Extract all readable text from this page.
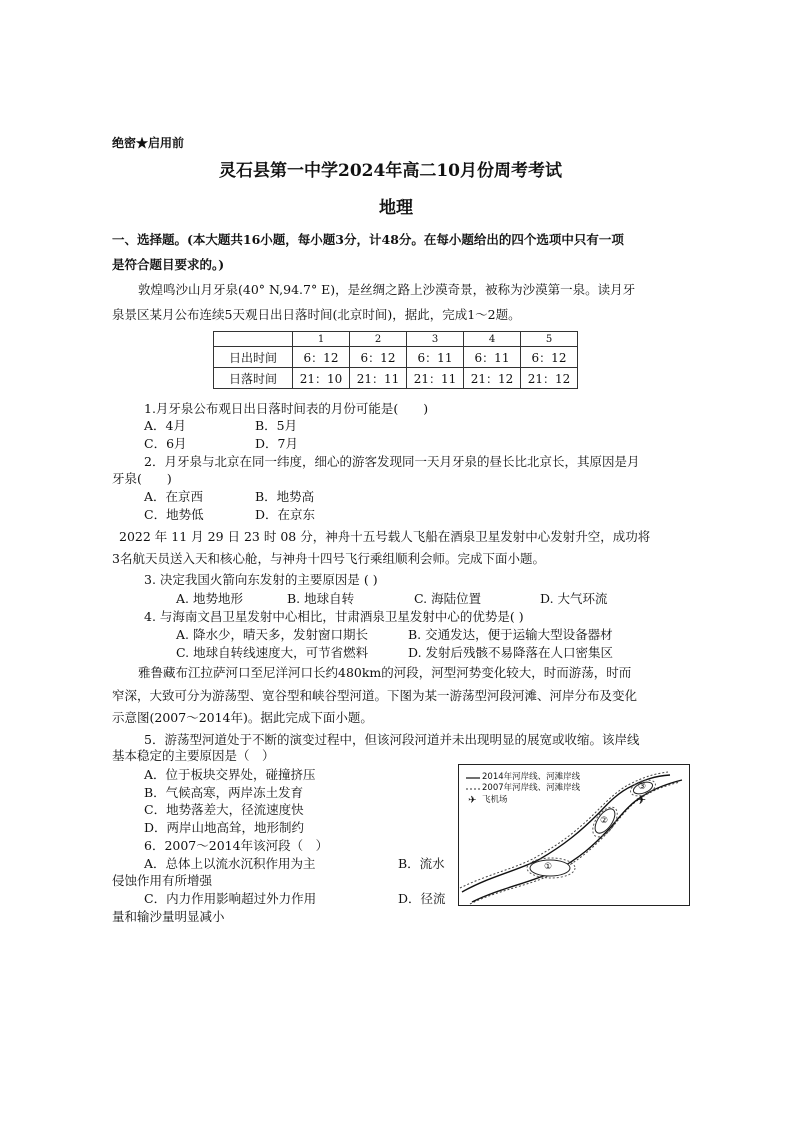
绝密★启用前
灵石县第一中学2024年高二10月份周考考试
地理
一、选择题。(本大题共16小题，每小题3分，计48分。在每小题给出的四个选项中只有一项
是符合题目要求的。)
敦煌鸣沙山月牙泉(40° N,94.7° E)，是丝绸之路上沙漠奇景，被称为沙漠第一泉。读月牙
泉景区某月公布连续5天观日出日落时间(北京时间)，据此，完成1～2题。
	1	2	3	4	5
日出时间	6：12	6：12	6：11	6：11	6：12
日落时间	21：10	21：11	21：11	21：12	21：12
1.月牙泉公布观日出日落时间表的月份可能是(　　)
A．4月	B．5月
C．6月	D．7月
2．月牙泉与北京在同一纬度，细心的游客发现同一天月牙泉的昼长比北京长，其原因是月
牙泉(　　)
A．在京西	B．地势高
C．地势低	D．在京东
2022 年 11 月 29 日 23 时 08 分，神舟十五号载人飞船在酒泉卫星发射中心发射升空，成功将
3名航天员送入天和核心舱，与神舟十四号飞行乘组顺利会师。完成下面小题。
3. 决定我国火箭向东发射的主要原因是 ( )
A. 地势地形	B. 地球自转	C. 海陆位置	D. 大气环流
4. 与海南文昌卫星发射中心相比，甘肃酒泉卫星发射中心的优势是( )
A. 降水少，晴天多，发射窗口期长	B. 交通发达，便于运输大型设备器材
C. 地球自转线速度大，可节省燃料	D. 发射后残骸不易降落在人口密集区
雅鲁藏布江拉萨河口至尼洋河口长约480km的河段，河型河势变化较大，时而游荡，时而
窄深，大致可分为游荡型、宽谷型和峡谷型河道。下图为某一游荡型河段河滩、河岸分布及变化
示意图(2007～2014年)。据此完成下面小题。
5．游荡型河道处于不断的演变过程中，但该河段河道并未出现明显的展宽或收缩。该岸线
基本稳定的主要原因是（　）
A．位于板块交界处，碰撞挤压
B．气候高寒，两岸冻土发育
C．地势落差大，径流速度快
D．两岸山地高耸，地形制约
6．2007～2014年该河段（　）
A．总体上以流水沉积作用为主	B．流水
侵蚀作用有所增强
C．内力作用影响超过外力作用	D．径流
量和输沙量明显减小
✈	✈
2014年河岸线、河滩岸线
2007年河岸线、河滩岸线
飞机场
①
②
③
